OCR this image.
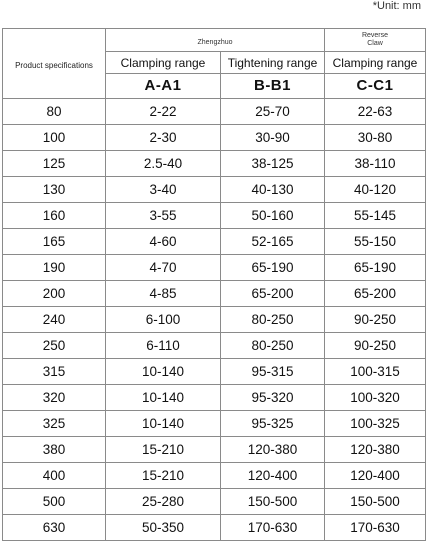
*Unit: mm
Product specifications	Zhengzhuo		Reverse
Claw

	Clamping range	Tightening range	Clamping range
	A-A1	B-B1	C-C1
80	2-22	25-70	22-63
100	2-30	30-90	30-80
125	2.5-40	38-125	38-110
130	3-40	40-130	40-120
160	3-55	50-160	55-145
165	4-60	52-165	55-150
190	4-70	65-190	65-190
200	4-85	65-200	65-200
240	6-100	80-250	90-250
250	6-110	80-250	90-250
315	10-140	95-315	100-315
320	10-140	95-320	100-320
325	10-140	95-325	100-325
380	15-210	120-380	120-380
400	15-210	120-400	120-400
500	25-280	150-500	150-500
630	50-350	170-630	170-630
